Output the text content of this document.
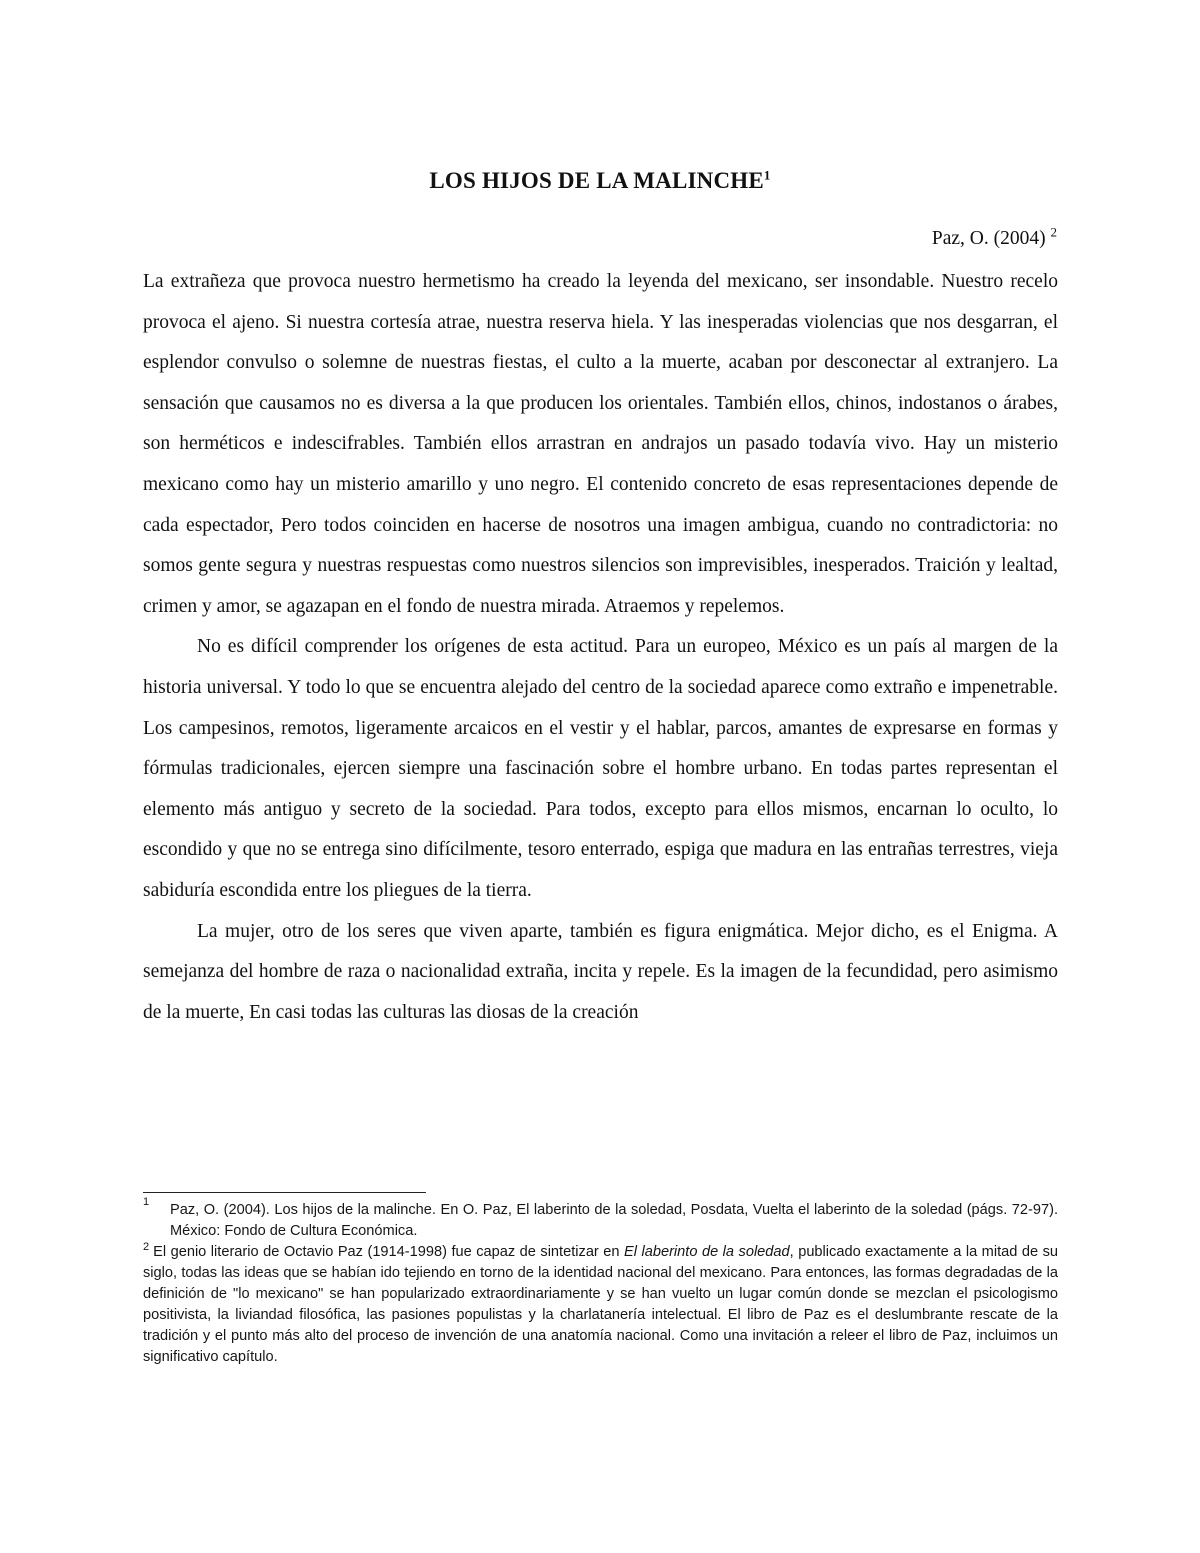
LOS HIJOS DE LA MALINCHE$^1$
Paz, O. (2004) $^2$

La extrañeza que provoca nuestro hermetismo ha creado la leyenda del mexicano, ser insondable. Nuestro recelo provoca el ajeno. Si nuestra cortesía atrae, nuestra reserva hiela. Y las inesperadas violencias que nos desgarran, el esplendor convulso o solemne de nuestras fiestas, el culto a la muerte, acaban por desconectar al extranjero. La sensación que causamos no es diversa a la que producen los orientales. También ellos, chinos, indostanos o árabes, son herméticos e indescifrables. También ellos arrastran en andrajos un pasado todavía vivo. Hay un misterio mexicano como hay un misterio amarillo y uno negro. El contenido concreto de esas representaciones depende de cada espectador, Pero todos coinciden en hacerse de nosotros una imagen ambigua, cuando no contradictoria: no somos gente segura y nuestras respuestas como nuestros silencios son imprevisibles, inesperados. Traición y lealtad, crimen y amor, se agazapan en el fondo de nuestra mirada. Atraemos y repelemos.

No es difícil comprender los orígenes de esta actitud. Para un europeo, México es un país al margen de la historia universal. Y todo lo que se encuentra alejado del centro de la sociedad aparece como extraño e impenetrable. Los campesinos, remotos, ligeramente arcaicos en el vestir y el hablar, parcos, amantes de expresarse en formas y fórmulas tradicionales, ejercen siempre una fascinación sobre el hombre urbano. En todas partes representan el elemento más antiguo y secreto de la sociedad. Para todos, excepto para ellos mismos, encarnan lo oculto, lo escondido y que no se entrega sino difícilmente, tesoro enterrado, espiga que madura en las entrañas terrestres, vieja sabiduría escondida entre los pliegues de la tierra.

La mujer, otro de los seres que viven aparte, también es figura enigmática. Mejor dicho, es el Enigma. A semejanza del hombre de raza o nacionalidad extraña, incita y repele. Es la imagen de la fecundidad, pero asimismo de la muerte, En casi todas las culturas las diosas de la creación

1 Paz, O. (2004). Los hijos de la malinche. En O. Paz, El laberinto de la soledad, Posdata, Vuelta el laberinto de la soledad (págs. 72-97). México: Fondo de Cultura Económica.

$^2$ El genio literario de Octavio Paz (1914-1998) fue capaz de sintetizar en El laberinto de la soledad, publicado exactamente a la mitad de su siglo, todas las ideas que se habían ido tejiendo en torno de la identidad nacional del mexicano. Para entonces, las formas degradadas de la definición de "lo mexicano" se han popularizado extraordinariamente y se han vuelto un lugar común donde se mezclan el psicologismo positivista, la liviandad filosófica, las pasiones populistas y la charlatanería intelectual. El libro de Paz es el deslumbrante rescate de la tradición y el punto más alto del proceso de invención de una anatomía nacional. Como una invitación a releer el libro de Paz, incluimos un significativo capítulo.
